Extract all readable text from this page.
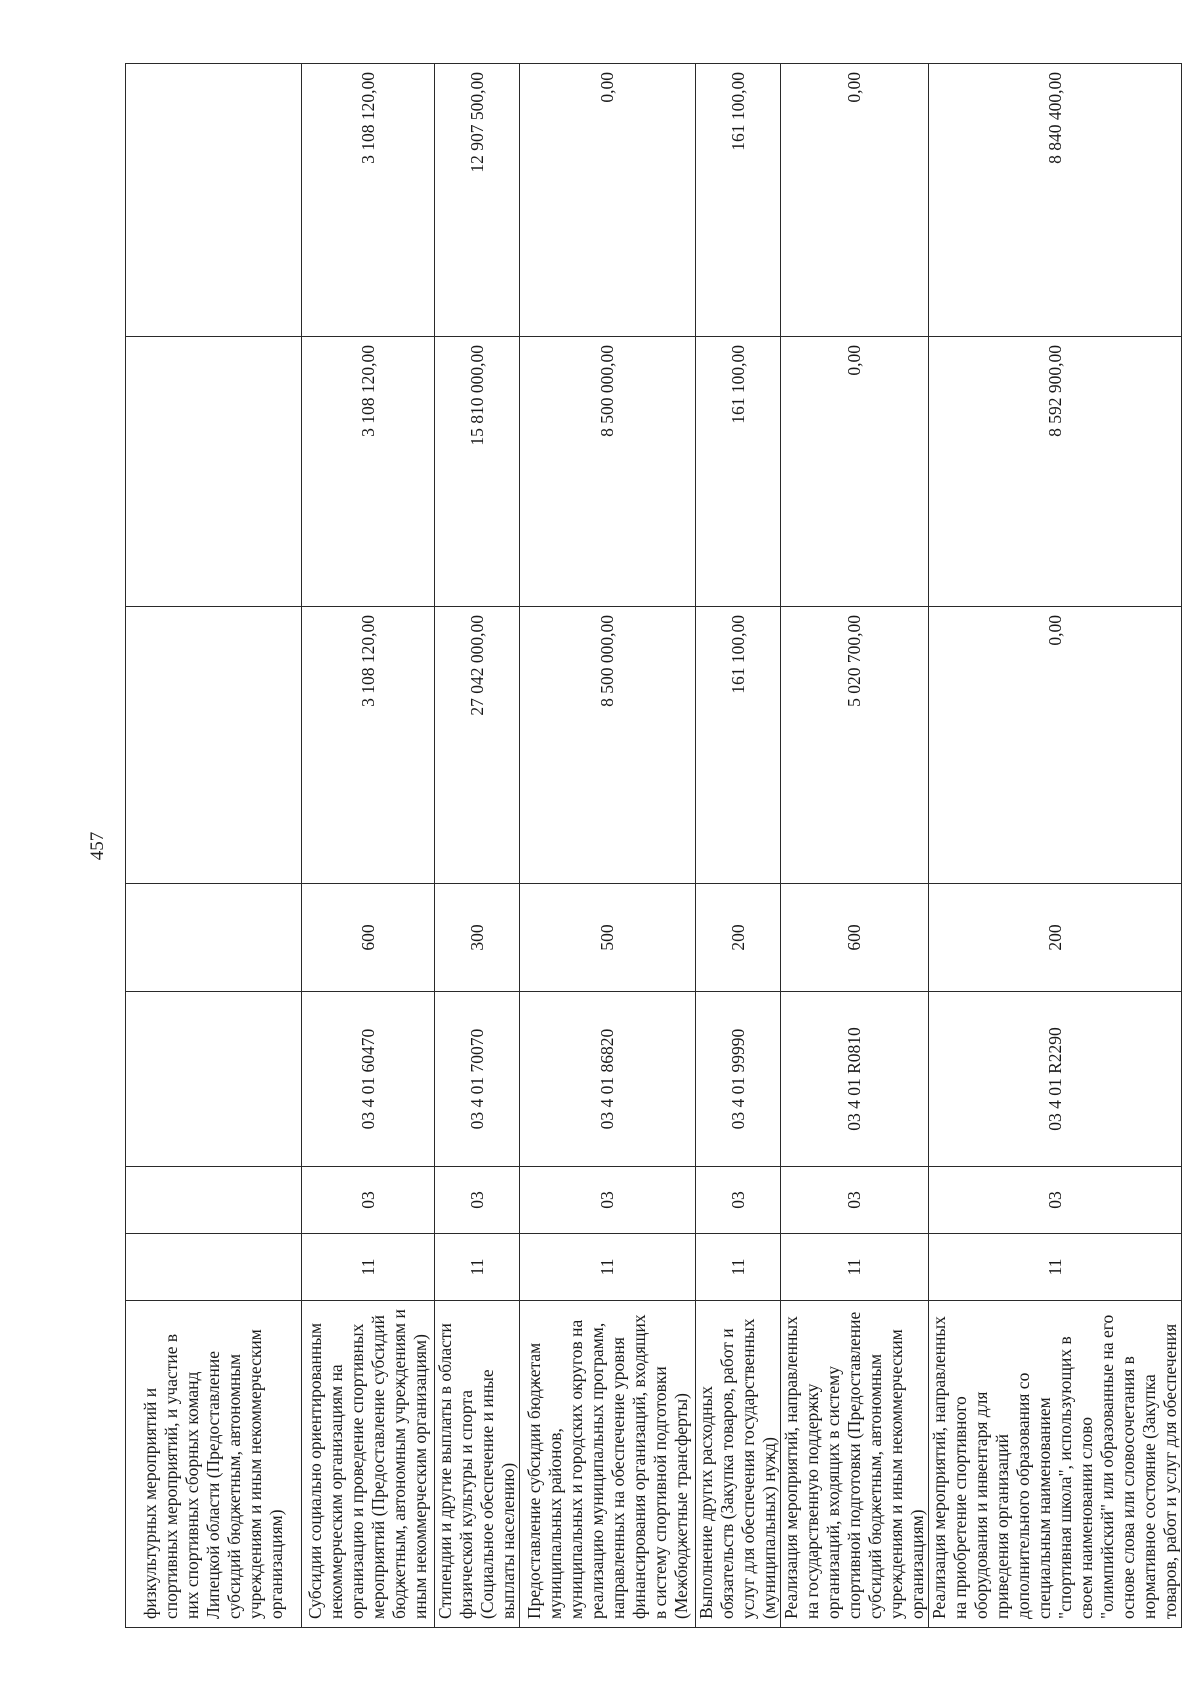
457
физкультурных мероприятий и спортивных мероприятий, и участие в них спортивных сборных команд Липецкой области (Предоставление субсидий бюджетным, автономным учреждениям и иным некоммерческим организациям)							
Субсидии социально ориентированным некоммерческим организациям на организацию и проведение спортивных мероприятий (Предоставление субсидий бюджетным, автономным учреждениям и иным некоммерческим организациям)	11	03	03 4 01 60470	600	3 108 120,00	3 108 120,00	3 108 120,00
Стипендии и другие выплаты в области физической культуры и спорта (Социальное обеспечение и иные выплаты населению)	11	03	03 4 01 70070	300	27 042 000,00	15 810 000,00	12 907 500,00
Предоставление субсидии бюджетам муниципальных районов, муниципальных и городских округов на реализацию муниципальных программ, направленных на обеспечение уровня финансирования организаций, входящих в систему спортивной подготовки (Межбюджетные трансферты)	11	03	03 4 01 86820	500	8 500 000,00	8 500 000,00	0,00
Выполнение других расходных обязательств (Закупка товаров, работ и услуг для обеспечения государственных (муниципальных) нужд)	11	03	03 4 01 99990	200	161 100,00	161 100,00	161 100,00
Реализация мероприятий, направленных на государственную поддержку организаций, входящих в систему спортивной подготовки (Предоставление субсидий бюджетным, автономным учреждениям и иным некоммерческим организациям)	11	03	03 4 01 R0810	600	5 020 700,00	0,00	0,00
Реализация мероприятий, направленных на приобретение спортивного оборудования и инвентаря для приведения организаций дополнительного образования со специальным наименованием "спортивная школа", использующих в своем наименовании слово "олимпийский" или образованные на его основе слова или словосочетания в нормативное состояние (Закупка товаров, работ и услуг для обеспечения	11	03	03 4 01 R2290	200	0,00	8 592 900,00	8 840 400,00
